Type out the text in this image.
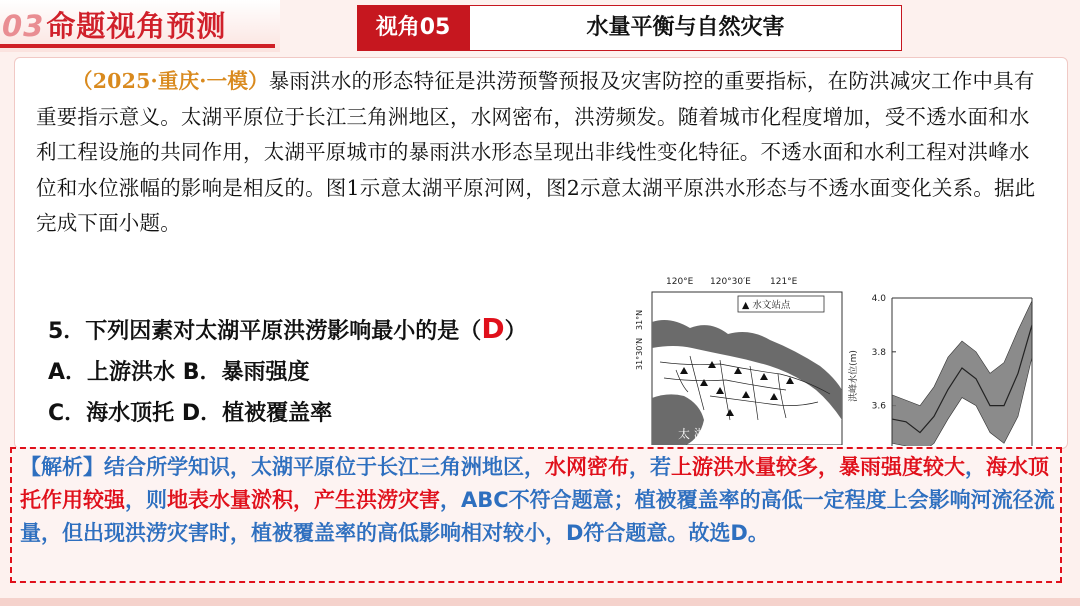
03命题视角预测	视角05	水量平衡与自然灾害
（2025·重庆·一模）暴雨洪水的形态特征是洪涝预警预报及灾害防控的重要指标，在防洪减灾工作中具有重要指示意义。太湖平原位于长江三角洲地区，水网密布，洪涝频发。随着城市化程度增加，受不透水面和水利工程设施的共同作用，太湖平原城市的暴雨洪水形态呈现出非线性变化特征。不透水面和水利工程对洪峰水位和水位涨幅的影响是相反的。图1示意太湖平原河网，图2示意太湖平原洪水形态与不透水面变化关系。据此完成下面小题。
5．下列因素对太湖平原洪涝影响最小的是（D）
A．上游洪水 B．暴雨强度
C．海水顶托 D．植被覆盖率
120°E 120°30′E 121°E
31°30′N
31°N
▲ 水文站点
太 湖
洪峰水位(m)
4.0
3.8
3.6
【解析】结合所学知识，太湖平原位于长江三角洲地区，水网密布，若上游洪水量较多，暴雨强度较大，海水顶托作用较强，则地表水量淤积，产生洪涝灾害，ABC不符合题意；植被覆盖率的高低一定程度上会影响河流径流量，但出现洪涝灾害时，植被覆盖率的高低影响相对较小，D符合题意。故选D。
